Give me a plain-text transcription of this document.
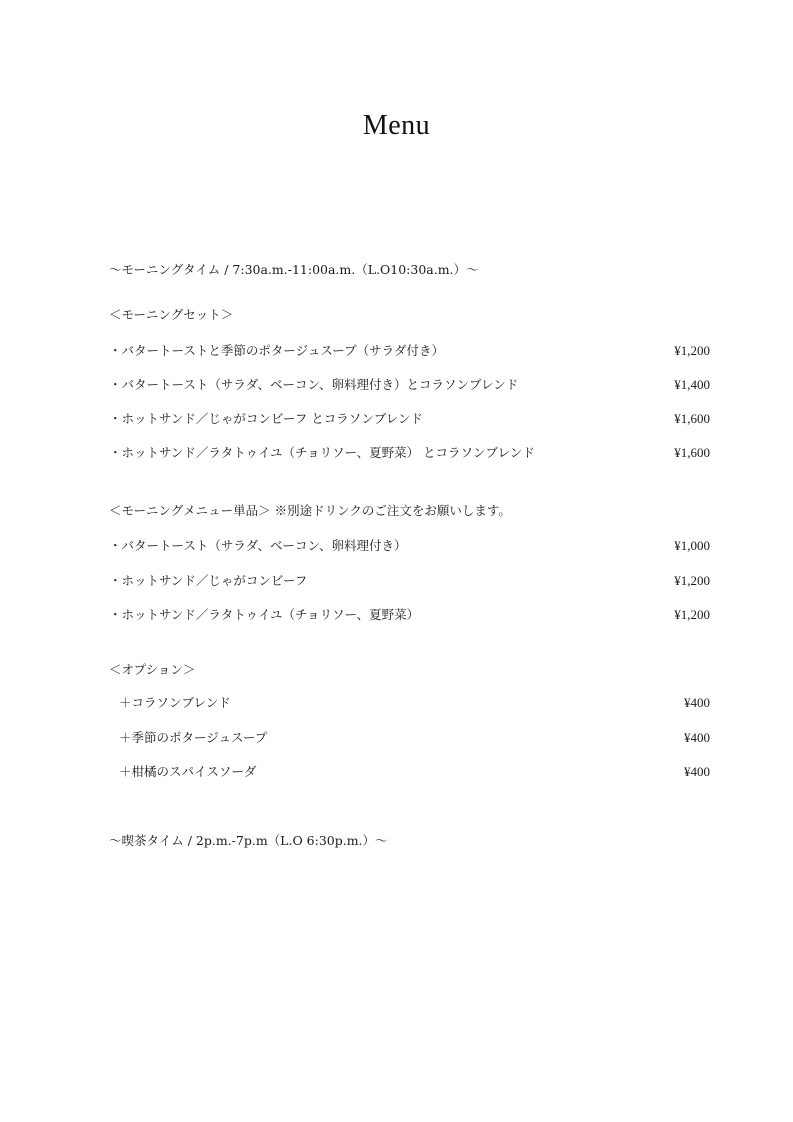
Menu
〜モーニングタイム / 7:30a.m.-11:00a.m.（L.O10:30a.m.）〜
＜モーニングセット＞
・バタートーストと季節のポタージュスープ（サラダ付き）	¥1,200
・バタートースト（サラダ、ベーコン、卵料理付き）とコラソンブレンド	¥1,400
・ホットサンド／じゃがコンビーフ とコラソンブレンド	¥1,600
・ホットサンド／ラタトゥイユ（チョリソー、夏野菜） とコラソンブレンド	¥1,600
＜モーニングメニュー単品＞ ※別途ドリンクのご注文をお願いします。
・バタートースト（サラダ、ベーコン、卵料理付き）	¥1,000
・ホットサンド／じゃがコンビーフ	¥1,200
・ホットサンド／ラタトゥイユ（チョリソー、夏野菜）	¥1,200
＜オプション＞
＋コラソンブレンド	¥400
＋季節のポタージュスープ	¥400
＋柑橘のスパイスソーダ	¥400
〜喫茶タイム / 2p.m.-7p.m（L.O 6:30p.m.）〜
